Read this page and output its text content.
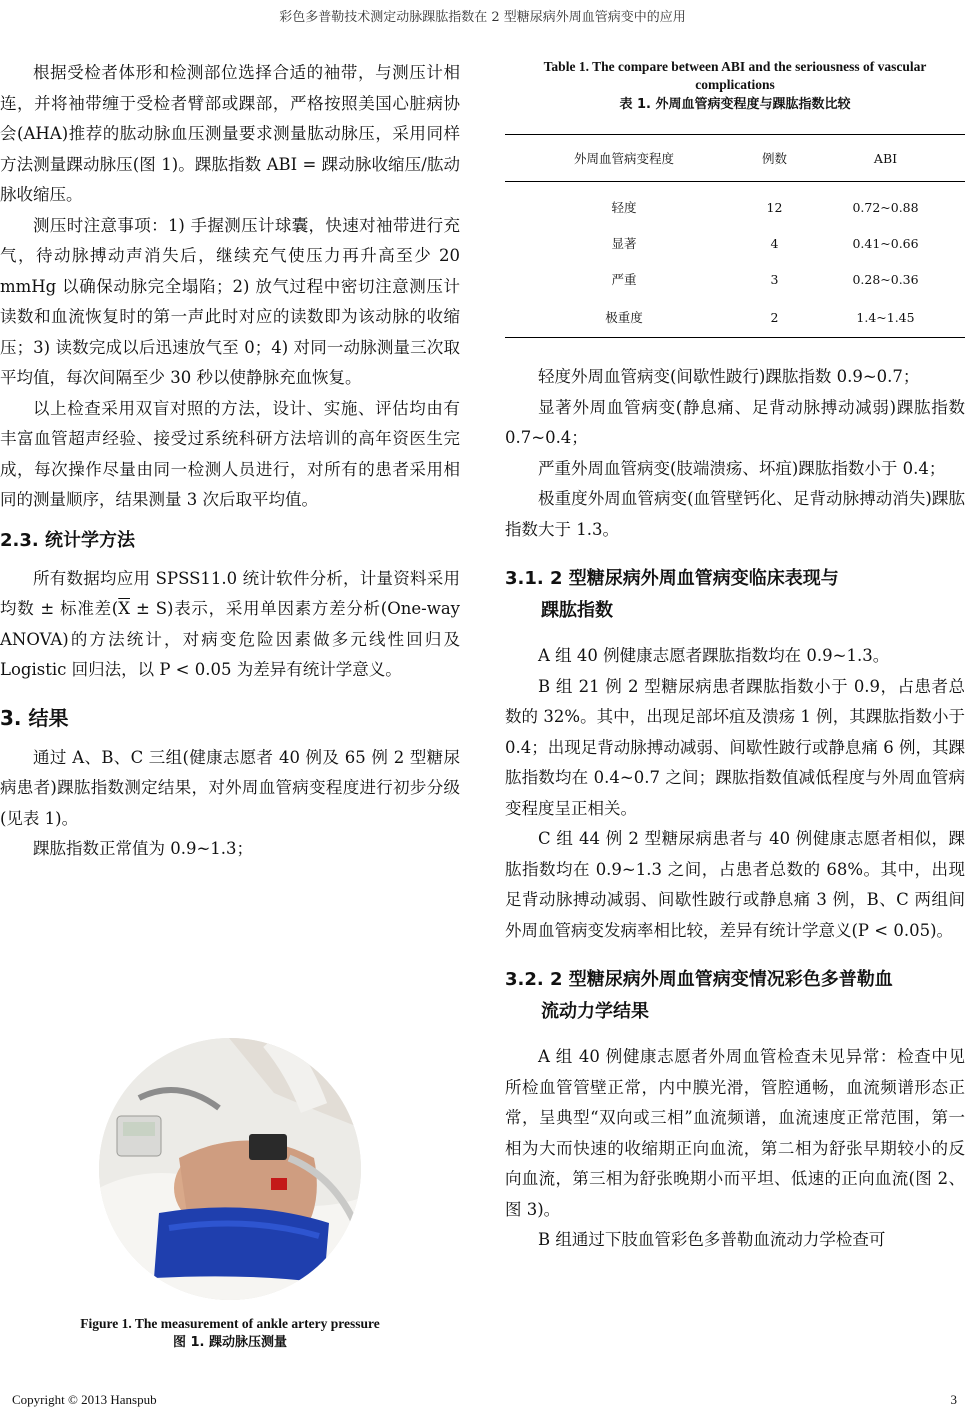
彩色多普勒技术测定动脉踝肱指数在 2 型糖尿病外周血管病变中的应用

根据受检者体形和检测部位选择合适的袖带，与测压计相连，并将袖带缠于受检者臂部或踝部，严格按照美国心脏病协会(AHA)推荐的肱动脉血压测量要求测量肱动脉压，采用同样方法测量踝动脉压(图 1)。踝肱指数 ABI = 踝动脉收缩压/肱动脉收缩压。

测压时注意事项：1) 手握测压计球囊，快速对袖带进行充气，待动脉搏动声消失后，继续充气使压力再升高至少 20 mmHg 以确保动脉完全塌陷；2) 放气过程中密切注意测压计读数和血流恢复时的第一声此时对应的读数即为该动脉的收缩压；3) 读数完成以后迅速放气至 0；4) 对同一动脉测量三次取平均值，每次间隔至少 30 秒以使静脉充血恢复。

以上检查采用双盲对照的方法，设计、实施、评估均由有丰富血管超声经验、接受过系统科研方法培训的高年资医生完成，每次操作尽量由同一检测人员进行，对所有的患者采用相同的测量顺序，结果测量 3 次后取平均值。

2.3. 统计学方法

所有数据均应用 SPSS11.0 统计软件分析，计量资料采用均数 ± 标准差$(\overline{X} \pm S)$表示，采用单因素方差分析(One-way ANOVA)的方法统计，对病变危险因素做多元线性回归及 Logistic 回归法，以 P < 0.05 为差异有统计学意义。

3. 结果

通过 A、B、C 三组(健康志愿者 40 例及 65 例 2 型糖尿病患者)踝肱指数测定结果，对外周血管病变程度进行初步分级(见表 1)。

踝肱指数正常值为 0.9~1.3；

Figure 1. The measurement of ankle artery pressure
图 1. 踝动脉压测量
Table 1. The compare between ABI and the seriousness of vascular complications
表 1. 外周血管病变程度与踝肱指数比较
外周血管病变程度	例数	ABI
轻度	12	0.72~0.88
显著	4	0.41~0.66
严重	3	0.28~0.36
极重度	2	1.4~1.45

轻度外周血管病变(间歇性跛行)踝肱指数 0.9~0.7；

显著外周血管病变(静息痛、足背动脉搏动减弱)踝肱指数 0.7~0.4；

严重外周血管病变(肢端溃疡、坏疽)踝肱指数小于 0.4；

极重度外周血管病变(血管壁钙化、足背动脉搏动消失)踝肱指数大于 1.3。

3.1. 2 型糖尿病外周血管病变临床表现与
踝肱指数

A 组 40 例健康志愿者踝肱指数均在 0.9~1.3。

B 组 21 例 2 型糖尿病患者踝肱指数小于 0.9，占患者总数的 32%。其中，出现足部坏疽及溃疡 1 例，其踝肱指数小于 0.4；出现足背动脉搏动减弱、间歇性跛行或静息痛 6 例，其踝肱指数均在 0.4~0.7 之间；踝肱指数值减低程度与外周血管病变程度呈正相关。

C 组 44 例 2 型糖尿病患者与 40 例健康志愿者相似，踝肱指数均在 0.9~1.3 之间，占患者总数的 68%。其中，出现足背动脉搏动减弱、间歇性跛行或静息痛 3 例，B、C 两组间外周血管病变发病率相比较，差异有统计学意义(P < 0.05)。

3.2. 2 型糖尿病外周血管病变情况彩色多普勒血
流动力学结果

A 组 40 例健康志愿者外周血管检查未见异常：检查中见所检血管管壁正常，内中膜光滑，管腔通畅，血流频谱形态正常，呈典型“双向或三相”血流频谱，血流速度正常范围，第一相为大而快速的收缩期正向血流，第二相为舒张早期较小的反向血流，第三相为舒张晚期小而平坦、低速的正向血流(图 2、图 3)。

B 组通过下肢血管彩色多普勒血流动力学检查可

Copyright © 2013 Hanspub	3
